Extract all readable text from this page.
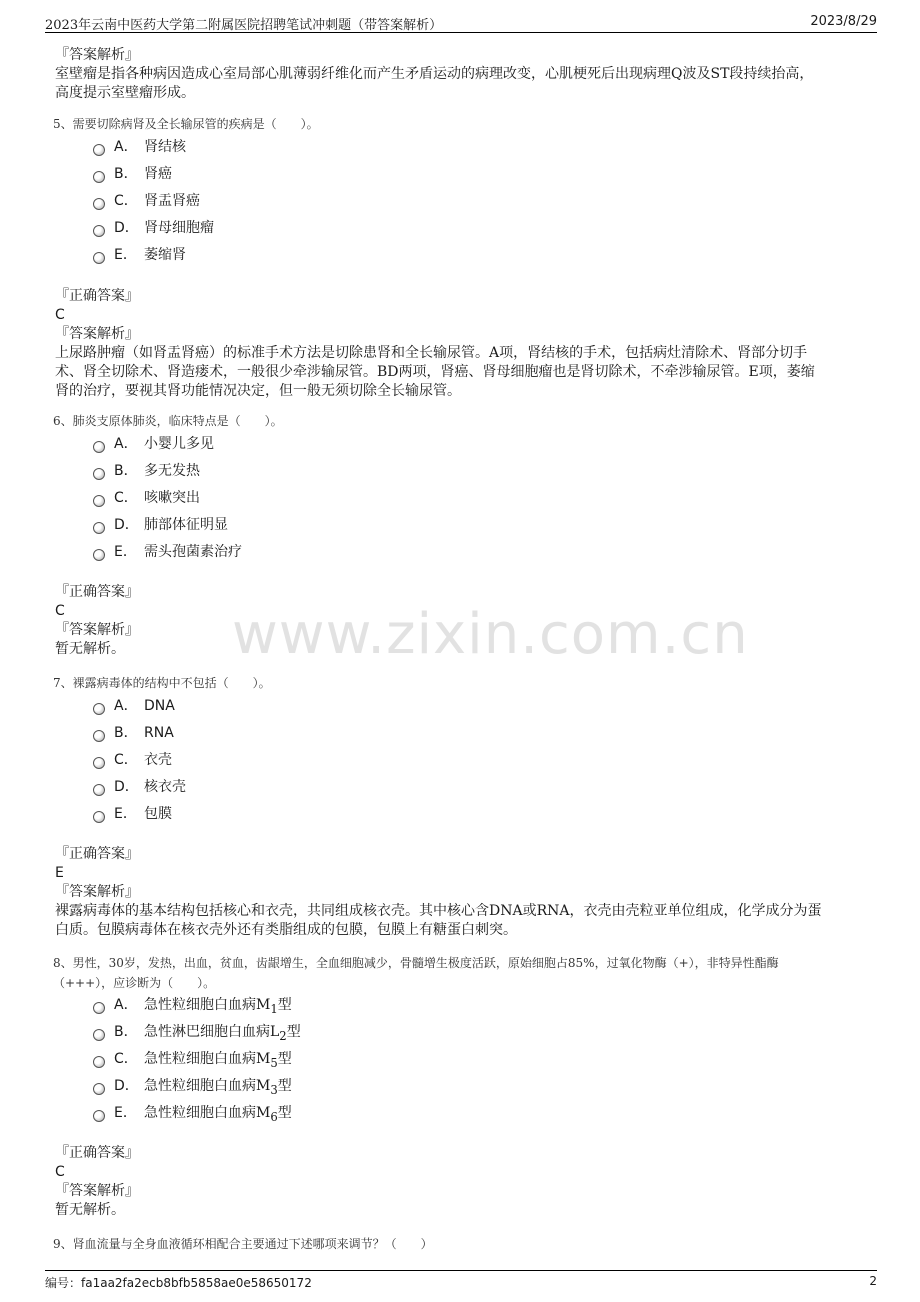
2023年云南中医药大学第二附属医院招聘笔试冲刺题（带答案解析）	2023/8/29
www.zixin.com.cn
『答案解析』
室壁瘤是指各种病因造成心室局部心肌薄弱纤维化而产生矛盾运动的病理改变，心肌梗死后出现病理Q波及ST段持续抬高，
高度提示室壁瘤形成。
5、需要切除病肾及全长输尿管的疾病是（　　）。
A． 肾结核
B． 肾癌
C． 肾盂肾癌
D． 肾母细胞瘤
E． 萎缩肾
『正确答案』
C
『答案解析』
上尿路肿瘤（如肾盂肾癌）的标准手术方法是切除患肾和全长输尿管。A项，肾结核的手术，包括病灶清除术、肾部分切手
术、肾全切除术、肾造瘘术，一般很少牵涉输尿管。BD两项，肾癌、肾母细胞瘤也是肾切除术，不牵涉输尿管。E项，萎缩
肾的治疗，要视其肾功能情况决定，但一般无须切除全长输尿管。
6、肺炎支原体肺炎，临床特点是（　　）。
A． 小婴儿多见
B． 多无发热
C． 咳嗽突出
D． 肺部体征明显
E． 需头孢菌素治疗
『正确答案』
C
『答案解析』
暂无解析。
7、裸露病毒体的结构中不包括（　　）。
A． DNA
B． RNA
C． 衣壳
D． 核衣壳
E． 包膜
『正确答案』
E
『答案解析』
裸露病毒体的基本结构包括核心和衣壳，共同组成核衣壳。其中核心含DNA或RNA，衣壳由壳粒亚单位组成，化学成分为蛋
白质。包膜病毒体在核衣壳外还有类脂组成的包膜，包膜上有糖蛋白刺突。
8、男性，30岁，发热，出血，贫血，齿龈增生，全血细胞减少，骨髓增生极度活跃，原始细胞占85%，过氧化物酶（+），非特异性酯酶
（+++），应诊断为（　　）。
A． 急性粒细胞白血病$M_1$型
B． 急性淋巴细胞白血病$L_2$型
C． 急性粒细胞白血病$M_5$型
D． 急性粒细胞白血病$M_3$型
E． 急性粒细胞白血病$M_6$型
『正确答案』
C
『答案解析』
暂无解析。
9、肾血流量与全身血液循环相配合主要通过下述哪项来调节？（　　）
编号：fa1aa2fa2ecb8bfb5858ae0e58650172	2
